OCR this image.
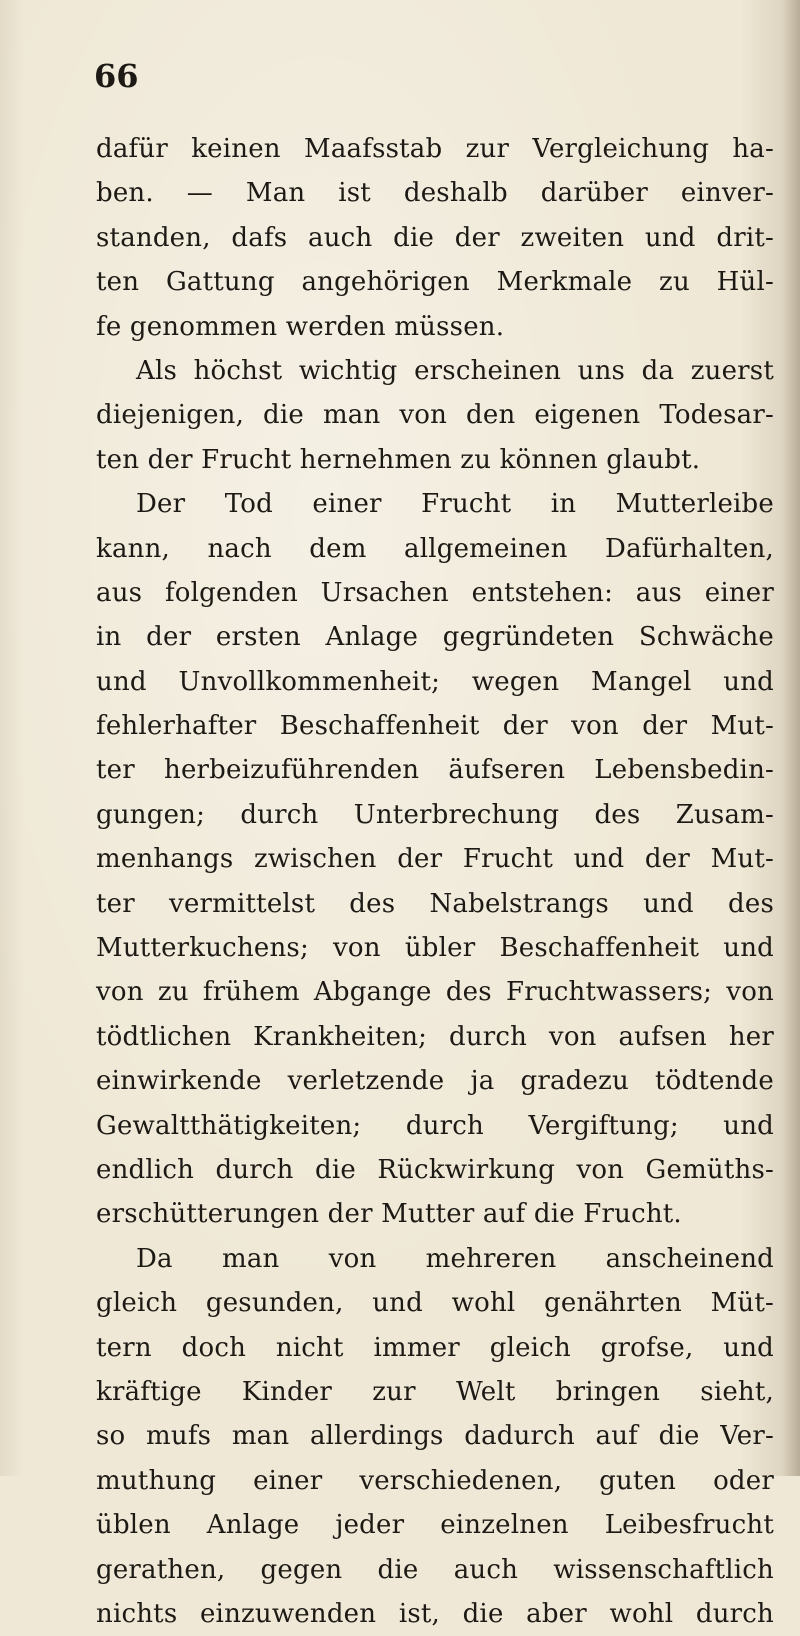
66
dafür keinen Maafsstab zur Vergleichung ha-
ben. — Man ist deshalb darüber einver-
standen, dafs auch die der zweiten und drit-
ten Gattung angehörigen Merkmale zu Hül-
fe genommen werden müssen.
Als höchst wichtig erscheinen uns da zuerst
diejenigen, die man von den eigenen Todesar-
ten der Frucht hernehmen zu können glaubt.
Der Tod einer Frucht in Mutterleibe
kann, nach dem allgemeinen Dafürhalten,
aus folgenden Ursachen entstehen: aus einer
in der ersten Anlage gegründeten Schwäche
und Unvollkommenheit; wegen Mangel und
fehlerhafter Beschaffenheit der von der Mut-
ter herbeizuführenden äufseren Lebensbedin-
gungen; durch Unterbrechung des Zusam-
menhangs zwischen der Frucht und der Mut-
ter vermittelst des Nabelstrangs und des
Mutterkuchens; von übler Beschaffenheit und
von zu frühem Abgange des Fruchtwassers; von
tödtlichen Krankheiten; durch von aufsen her
einwirkende verletzende ja gradezu tödtende
Gewaltthätigkeiten; durch Vergiftung; und
endlich durch die Rückwirkung von Gemüths-
erschütterungen der Mutter auf die Frucht.
Da man von mehreren anscheinend
gleich gesunden, und wohl genährten Müt-
tern doch nicht immer gleich grofse, und
kräftige Kinder zur Welt bringen sieht,
so mufs man allerdings dadurch auf die Ver-
muthung einer verschiedenen, guten oder
üblen Anlage jeder einzelnen Leibesfrucht
gerathen, gegen die auch wissenschaftlich
nichts einzuwenden ist, die aber wohl durch
